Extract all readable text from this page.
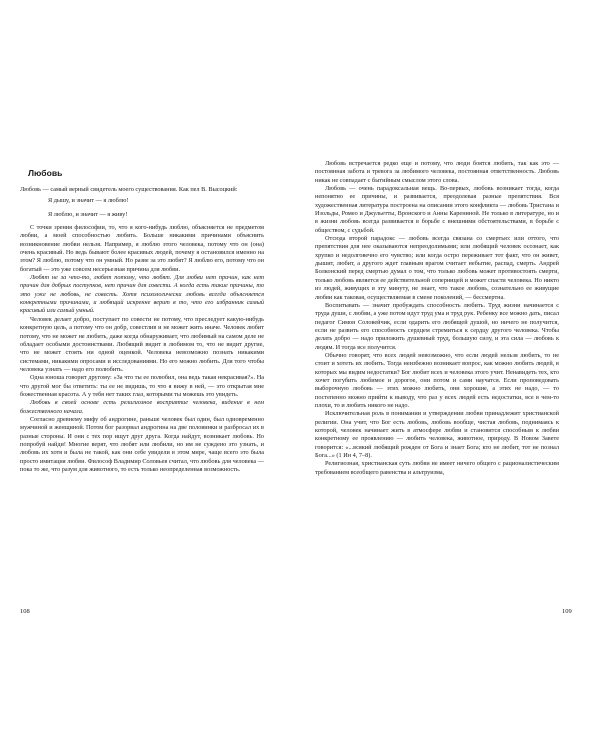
Любовь

Любовь — самый верный свидетель моего существования. Как пел В. Высоцкий:

Я дышу, и значит — я люблю!

Я люблю, и значит — я живу!

С точки зрения философии, то, что я кого-нибудь люблю, объясняется не предметом любви, а моей способностью любить. Больше никакими причинами объяснить возникновение любви нельзя. Например, я люблю этого человека, потому что он (она) очень красивый. Но ведь бывают более красивых людей, почему я остановился именно на этом? Я люблю, потому что он умный. Но разве за это любят? Я люблю его, потому что он богатый — это уже совсем несерьезная причина для любви.

Любят не за что-то, любят потому, что любят. Для любви нет причин, как нет причин для добрых поступков, нет причин для совести. А когда есть такие причины, то это уже не любовь, не совесть. Хотя психологически любовь всегда объясняется конкретными причинами, и любящий искренне верит в то, что его избранник самый красивый или самый умный.

Человек делает добро, поступает по совести не потому, что преследует какую-нибудь конкретную цель, а потому что он добр, совестлив и не может жить иначе. Человек любит потому, что не может не любить, даже когда обнаруживает, что любимый на самом деле не обладает особыми достоинствами. Любящий видит в любимом то, что не видит другие, что не может стоять ни одной оценкой. Человека невозможно познать никакими системами, никакими опросами и исследованиями. Но его можно любить. Для того чтобы человека узнать — надо его полюбить.

Одна юноша говорит другому: «За что ты ее полюбил, она ведь такая некрасивая?». На что другой мог бы ответить: ты ее не видишь, то что я вижу в ней, — это открытая мне божественная красота. А у тебя нет таких глаз, которыми ты можешь это увидеть.

Любовь в своей основе есть религиозное восприятие человека, видение в нем божественного начала.

Согласно древнему мифу об андрогине, раньше человек был один, был одновременно мужчиной и женщиной. Потом бог разорвал андрогина на две половинки и разбросал их в разные стороны. И они с тех пор ищут друг друга. Когда найдут, возникает любовь. Но попробуй найди! Многие верят, что любят или любили, но им не суждено это узнать, и любовь их хотя и была не такой, как они себе увидели в этом мире, чаще всего это была просто имитация любви. Философ Владимир Соловьев считал, что любовь для человека — пока то же, что разум для животного, то есть только неопределенная возможность.

Любовь встречается редко еще и потому, что люди боятся любить, так как это — постоянная забота и тревога за любимого человека, постоянная ответственность. Любовь никак не совпадает с бытийным смыслом этого слова.

Любовь — очень парадоксальная вещь. Во-первых, любовь возникает тогда, когда непонятно ее причины, и развивается, преодолевая разные препятствия. Вся художественная литература построена на описании этого конфликта — любовь Тристана и Изольды, Ромео и Джульетты, Вронского и Анны Карениной. Не только в литературе, но и в жизни любовь всегда развивается в борьбе с внешними обстоятельствами, в борьбе с обществом, с судьбой.

Отсюда второй парадокс — любовь всегда связана со смертью: или оттого, что препятствия для нее оказываются непреодолимыми; или любящий человек осознает, как хрупко и недолговечно его чувство; или когда остро переживает тот факт, что он живет, дышит, любит, а другого ждет главным врагом считает небытие, распад, смерть. Андрей Болконский перед смертью думал о том, что только любовь может противостоять смерти, только любовь является ее действительной соперницей и может спасти человека. Но никто из людей, живущих в эту минуту, не знает, что такое любовь, сознательно ее живущие любви как таковая, осуществляемая в смене поколений, — бессмертна.

Воспитывать — значит пробуждать способность любить. Труд жизни начинается с труда души, с любви, а уже потом идут труд ума и труд рук. Ребенку все можно дать, писал педагог Симон Соловейчик, если одарить его любящей душой, но ничего не получится, если не развить его способность сердцем стремиться к сердцу другого человека. Чтобы делать добро — надо приложить душевный труд, большую силу, и эта сила — любовь к людям. И тогда все получится.

Обычно говорят, что всех людей невозможно, что если людей нельзя любить, то не стоит и хотеть их любить. Тогда неизбежно возникает вопрос, как можно любить людей, в которых мы видим недостатки? Бог любит всех и человека этого учит. Ненавидеть тех, кто хочет погубить любимое и дорогое, они потом и сами научатся. Если проповедовать выборочную любовь — этих можно любить, они хорошие, а этих не надо, — то постепенно можно прийти к выводу, что раз у всех людей есть недостатки, все в чем-то плохи, то и любить никого не надо.

Исключительная роль в понимании и утверждении любви принадлежит христианской религии. Она учит, что Бог есть любовь, любовь вообще, чистая любовь, поднимаясь к которой, человек начинает жить в атмосфере любви и становится способным к любви конкретному ее проявлению — любить человека, животное, природу. В Новом Завете говорится: «...всякий любящий рожден от Бога и знает Бога; кто не любит, тот не познал Бога...» (1 Ин 4, 7–8).

Религиозная, христианская суть любви не имеет ничего общего с рационалистическим требованием всеобщего равенства и альтруизма,

108	109
